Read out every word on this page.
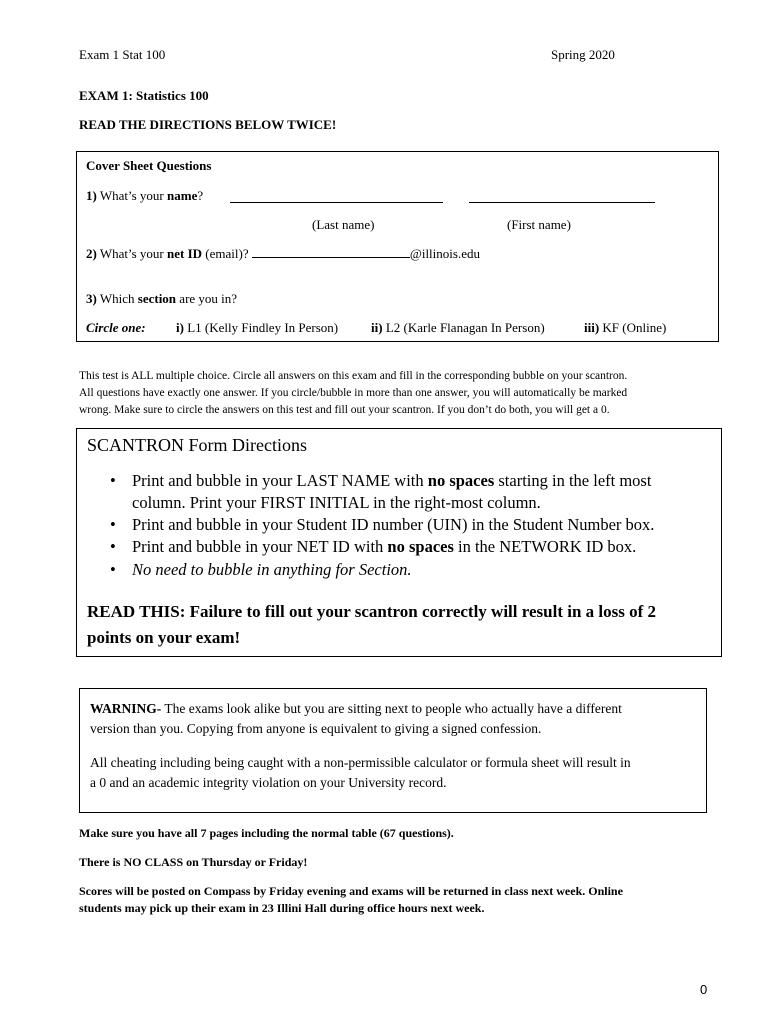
Exam 1 Stat 100	Spring 2020
EXAM 1: Statistics 100
READ THE DIRECTIONS BELOW TWICE!
Cover Sheet Questions
1) What’s your name?
(Last name)	(First name)
2) What’s your net ID (email)?	@illinois.edu
3) Which section are you in?
Circle one: i) L1 (Kelly Findley In Person)	ii) L2 (Karle Flanagan In Person)	iii) KF (Online)
This test is ALL multiple choice. Circle all answers on this exam and fill in the corresponding bubble on your scantron.
All questions have exactly one answer. If you circle/bubble in more than one answer, you will automatically be marked
wrong. Make sure to circle the answers on this test and fill out your scantron. If you don’t do both, you will get a 0.
SCANTRON Form Directions
• Print and bubble in your LAST NAME with no spaces starting in the left most
column. Print your FIRST INITIAL in the right-most column.
• Print and bubble in your Student ID number (UIN) in the Student Number box.
• Print and bubble in your NET ID with no spaces in the NETWORK ID box.
• No need to bubble in anything for Section.
READ THIS: Failure to fill out your scantron correctly will result in a loss of 2
points on your exam!
WARNING- The exams look alike but you are sitting next to people who actually have a different
version than you. Copying from anyone is equivalent to giving a signed confession.
All cheating including being caught with a non-permissible calculator or formula sheet will result in
a 0 and an academic integrity violation on your University record.
Make sure you have all 7 pages including the normal table (67 questions).
There is NO CLASS on Thursday or Friday!
Scores will be posted on Compass by Friday evening and exams will be returned in class next week. Online
students may pick up their exam in 23 Illini Hall during office hours next week.
0
